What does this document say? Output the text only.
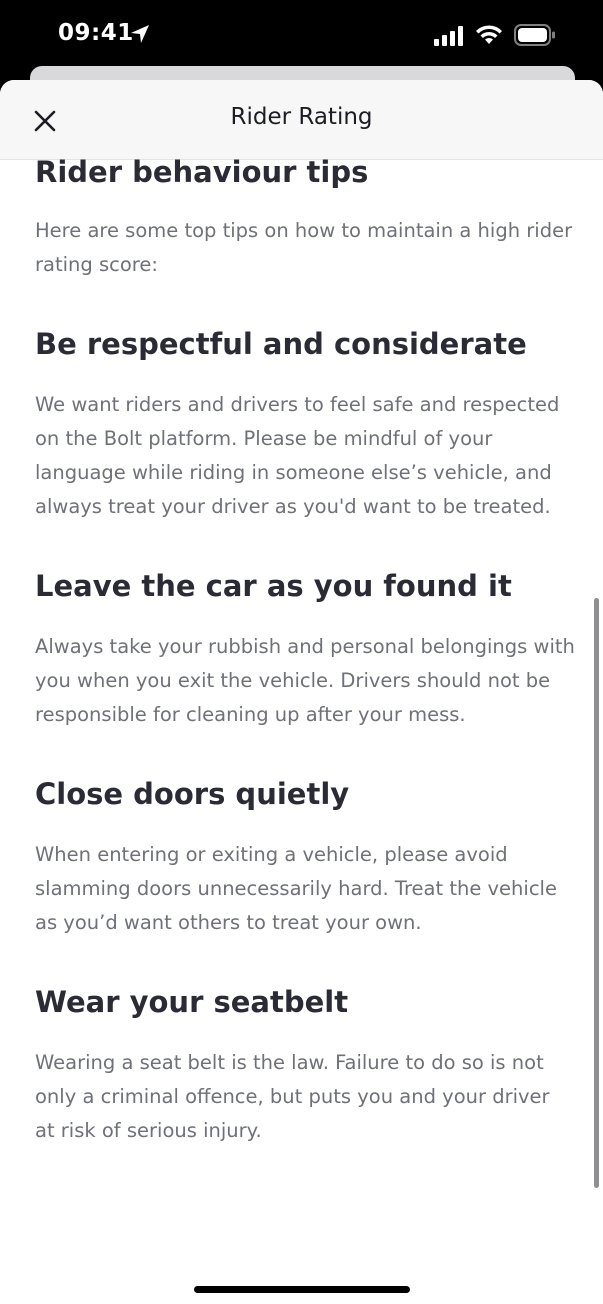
09:41
Rider Rating
Rider behaviour tips

Here are some top tips on how to maintain a high rider rating score:

Be respectful and considerate

We want riders and drivers to feel safe and respected on the Bolt platform. Please be mindful of your language while riding in someone else’s vehicle, and always treat your driver as you'd want to be treated.

Leave the car as you found it

Always take your rubbish and personal belongings with you when you exit the vehicle. Drivers should not be responsible for cleaning up after your mess.

Close doors quietly

When entering or exiting a vehicle, please avoid slamming doors unnecessarily hard. Treat the vehicle as you’d want others to treat your own.

Wear your seatbelt

Wearing a seat belt is the law. Failure to do so is not only a criminal offence, but puts you and your driver at risk of serious injury.
